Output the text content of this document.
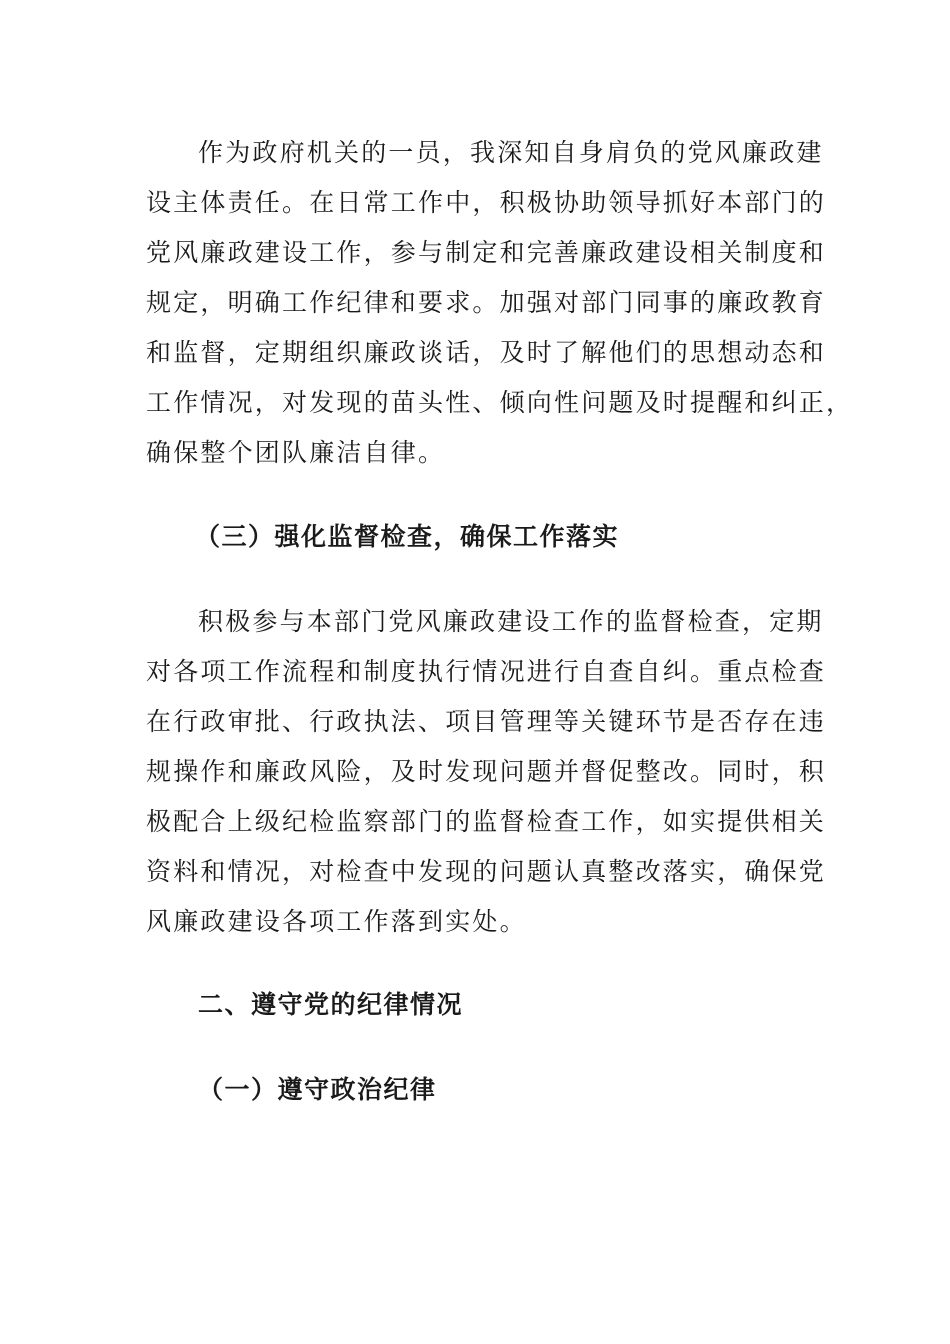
作为政府机关的一员，我深知自身肩负的党风廉政建
设主体责任。在日常工作中，积极协助领导抓好本部门的
党风廉政建设工作，参与制定和完善廉政建设相关制度和
规定，明确工作纪律和要求。加强对部门同事的廉政教育
和监督，定期组织廉政谈话，及时了解他们的思想动态和
工作情况，对发现的苗头性、倾向性问题及时提醒和纠正，
确保整个团队廉洁自律。
（三）强化监督检查，确保工作落实
积极参与本部门党风廉政建设工作的监督检查，定期
对各项工作流程和制度执行情况进行自查自纠。重点检查
在行政审批、行政执法、项目管理等关键环节是否存在违
规操作和廉政风险，及时发现问题并督促整改。同时，积
极配合上级纪检监察部门的监督检查工作，如实提供相关
资料和情况，对检查中发现的问题认真整改落实，确保党
风廉政建设各项工作落到实处。
二、遵守党的纪律情况
（一）遵守政治纪律
